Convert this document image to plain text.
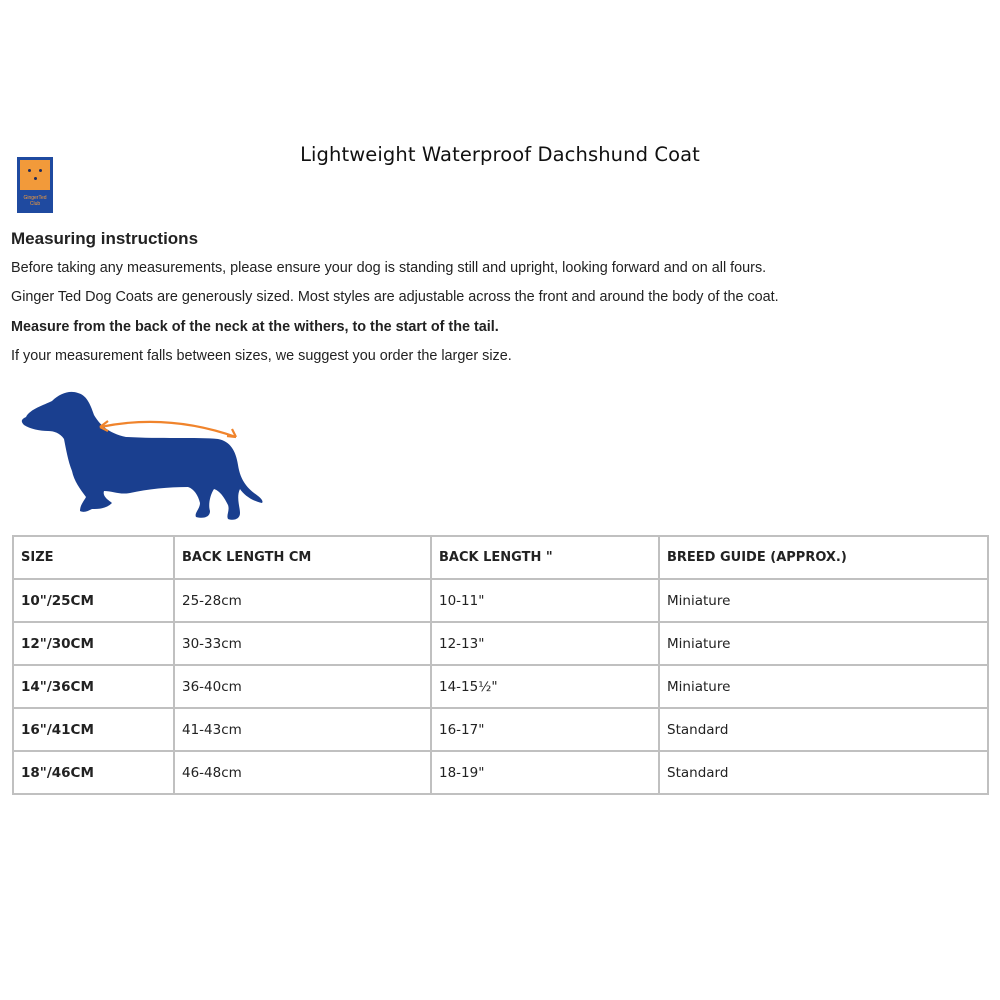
Lightweight Waterproof Dachshund Coat
GingerTed
Club
Measuring instructions
Before taking any measurements, please ensure your dog is standing still and upright, looking forward and on all fours.
Ginger Ted Dog Coats are generously sized. Most styles are adjustable across the front and around the body of the coat.
Measure from the back of the neck at the withers, to the start of the tail.
If your measurement falls between sizes, we suggest you order the larger size.
SIZE	BACK LENGTH CM	BACK LENGTH "	BREED GUIDE (APPROX.)
10"/25CM	25-28cm	10-11"	Miniature
12"/30CM	30-33cm	12-13"	Miniature
14"/36CM	36-40cm	14-15½"	Miniature
16"/41CM	41-43cm	16-17"	Standard
18"/46CM	46-48cm	18-19"	Standard
